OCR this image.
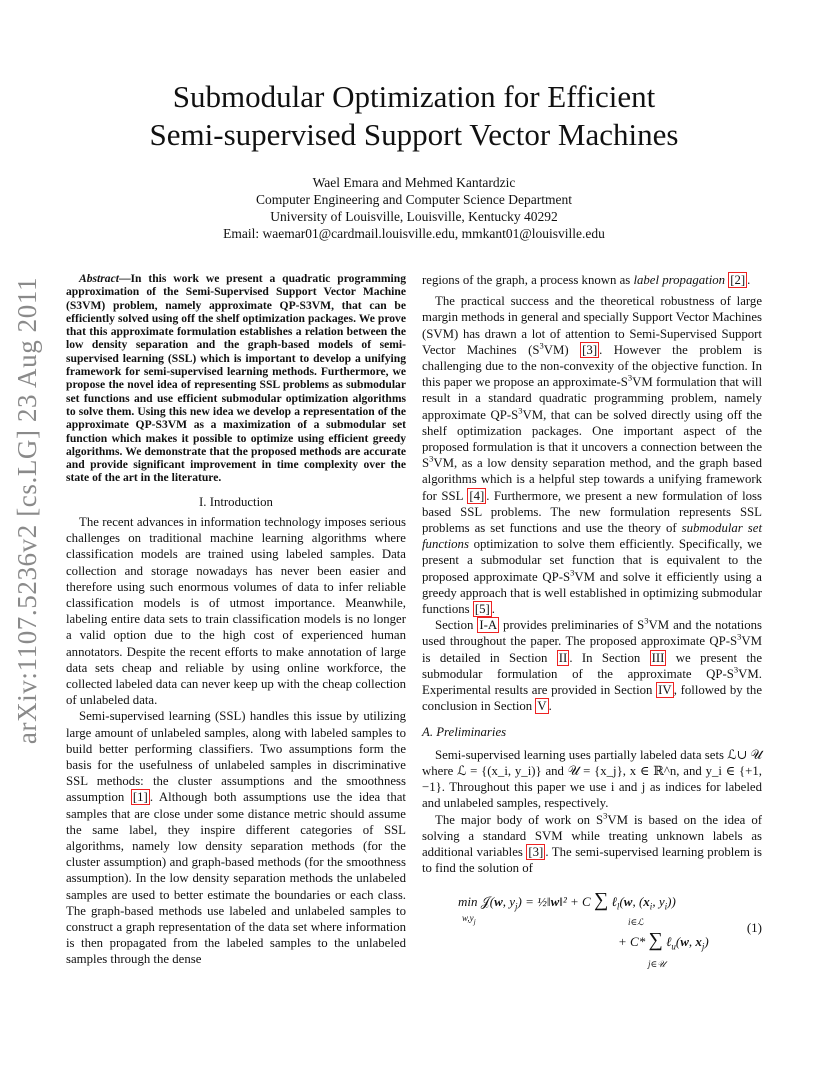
arXiv:1107.5236v2 [cs.LG] 23 Aug 2011
Submodular Optimization for Efficient
Semi-supervised Support Vector Machines
Wael Emara and Mehmed Kantardzic
Computer Engineering and Computer Science Department
University of Louisville, Louisville, Kentucky 40292
Email: waemar01@cardmail.louisville.edu, mmkant01@louisville.edu

Abstract—In this work we present a quadratic programming approximation of the Semi-Supervised Support Vector Machine (S3VM) problem, namely approximate QP-S3VM, that can be efficiently solved using off the shelf optimization packages. We prove that this approximate formulation establishes a relation between the low density separation and the graph-based models of semi-supervised learning (SSL) which is important to develop a unifying framework for semi-supervised learning methods. Furthermore, we propose the novel idea of representing SSL problems as submodular set functions and use efficient submodular optimization algorithms to solve them. Using this new idea we develop a representation of the approximate QP-S3VM as a maximization of a submodular set function which makes it possible to optimize using efficient greedy algorithms. We demonstrate that the proposed methods are accurate and provide significant improvement in time complexity over the state of the art in the literature.

I. Introduction

The recent advances in information technology imposes serious challenges on traditional machine learning algorithms where classification models are trained using labeled samples. Data collection and storage nowadays has never been easier and therefore using such enormous volumes of data to infer reliable classification models is of utmost importance. Meanwhile, labeling entire data sets to train classification models is no longer a valid option due to the high cost of experienced human annotators. Despite the recent efforts to make annotation of large data sets cheap and reliable by using online workforce, the collected labeled data can never keep up with the cheap collection of unlabeled data.

Semi-supervised learning (SSL) handles this issue by utilizing large amount of unlabeled samples, along with labeled samples to build better performing classifiers. Two assumptions form the basis for the usefulness of unlabeled samples in discriminative SSL methods: the cluster assumptions and the smoothness assumption [1] . Although both assumptions use the idea that samples that are close under some distance metric should assume the same label, they inspire different categories of SSL algorithms, namely low density separation methods (for the cluster assumption) and graph-based methods (for the smoothness assumption). In the low density separation methods the unlabeled samples are used to better estimate the boundaries or each class. The graph-based methods use labeled and unlabeled samples to construct a graph representation of the data set where information is then propagated from the labeled samples to the unlabeled samples through the dense

regions of the graph, a process known as label propagation [2] .

The practical success and the theoretical robustness of large margin methods in general and specially Support Vector Machines (SVM) has drawn a lot of attention to Semi-Supervised Support Vector Machines $(S^3VM)$ [3] . However the problem is challenging due to the non-convexity of the objective function. In this paper we propose an approximate-$S^3VM$ formulation that will result in a standard quadratic programming problem, namely approximate $QP-S^3VM$, that can be solved directly using off the shelf optimization packages. One important aspect of the proposed formulation is that it uncovers a connection between the $S^3VM$, as a low density separation method, and the graph based algorithms which is a helpful step towards a unifying framework for SSL [4] . Furthermore, we present a new formulation of loss based SSL problems. The new formulation represents SSL problems as set functions and use the theory of submodular set functions optimization to solve them efficiently. Specifically, we present a submodular set function that is equivalent to the proposed approximate $QP-S^3VM$ and solve it efficiently using a greedy approach that is well established in optimizing submodular functions [5] .

Section I-A provides preliminaries of $S^3VM$ and the notations used throughout the paper. The proposed approximate $QP-S^3VM$ is detailed in Section II . In Section III we present the submodular formulation of the approximate $QP-S^3VM$. Experimental results are provided in Section IV , followed by the conclusion in Section V .

A. Preliminaries

Semi-supervised learning uses partially labeled data sets ℒ∪ 𝒰 where ℒ = {(x_i, y_i)} and 𝒰 = {x_j}, x ∈ ℝ^n, and y_i ∈ {+1, −1}. Throughout this paper we use i and j as indices for labeled and unlabeled samples, respectively.

The major body of work on $S^3VM$ is based on the idea of solving a standard SVM while treating unknown labels as additional variables [3] . The semi-supervised learning problem is to find the solution of

min 𝒥(w, $y_j$) = ½‖w‖² + C ∑ ℓ$_l$(w, ($x_i$, $y_i$))
$w,y_j$	i∈ℒ
+ C* ∑ ℓ$_u$(w, $x_j$)
j∈𝒰
(1)
